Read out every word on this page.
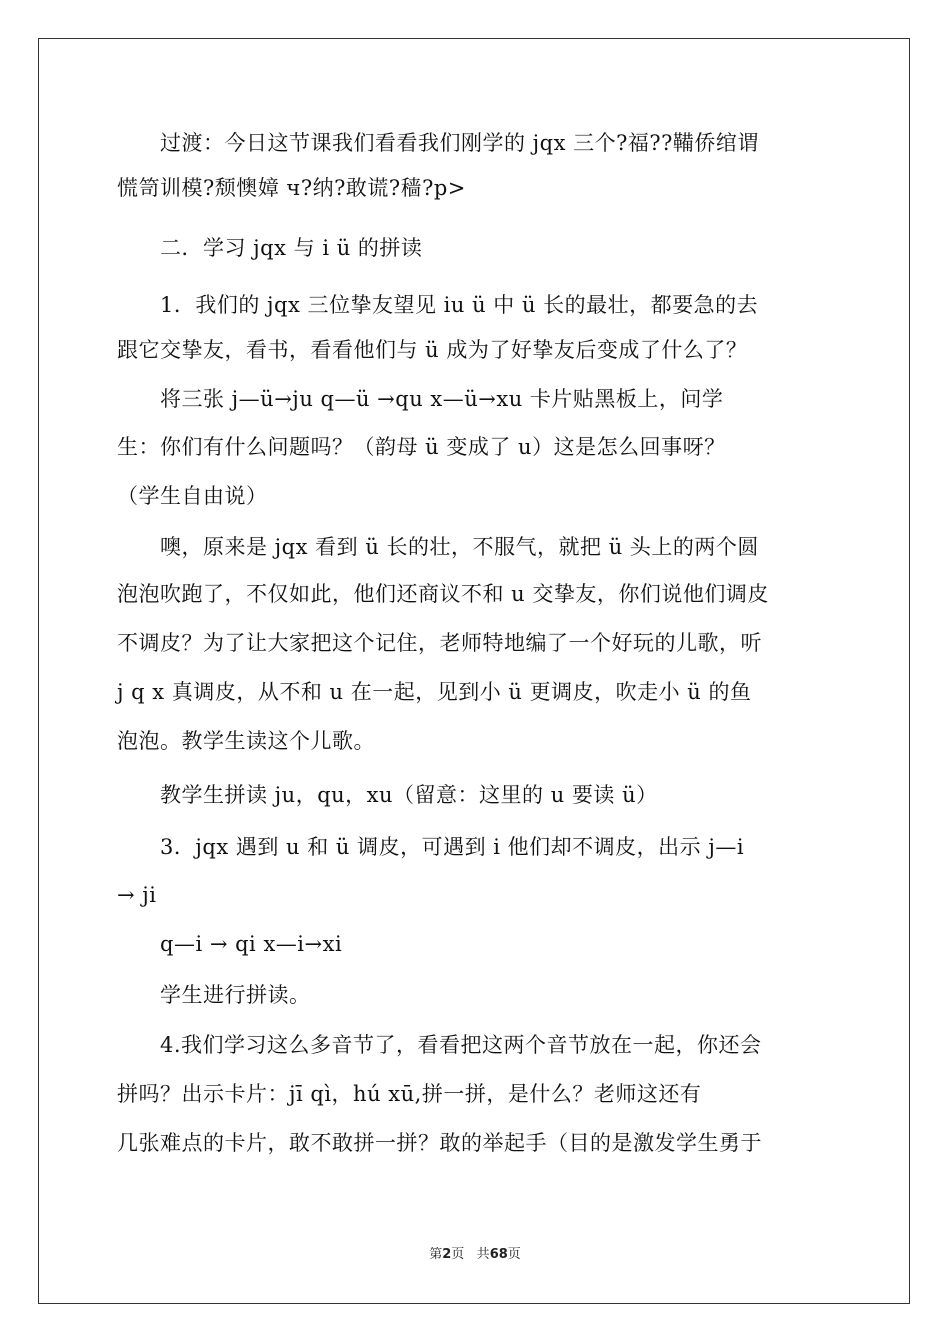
　　过渡：今日这节课我们看看我们刚学的 jqx 三个?福??鞴侨绾谓
慌笥训模?颓懊嫜 ч?纳?敢谎?穑?p>
　　二．学习 jqx 与 i ü 的拼读
　　1．我们的 jqx 三位挚友望见 iu ü 中 ü 长的最壮，都要急的去
跟它交挚友，看书，看看他们与 ü 成为了好挚友后变成了什么了？
　　将三张 j—ü→ju q—ü →qu x—ü→xu 卡片贴黑板上，问学
生：你们有什么问题吗？（韵母 ü 变成了 u）这是怎么回事呀？
（学生自由说）
　　噢，原来是 jqx 看到 ü 长的壮，不服气，就把 ü 头上的两个圆
泡泡吹跑了，不仅如此，他们还商议不和 u 交挚友，你们说他们调皮
不调皮？为了让大家把这个记住，老师特地编了一个好玩的儿歌，听
j q x 真调皮，从不和 u 在一起，见到小 ü 更调皮，吹走小 ü 的鱼
泡泡。教学生读这个儿歌。
　　教学生拼读 ju，qu，xu（留意：这里的 u 要读 ü）
　　3．jqx 遇到 u 和 ü 调皮，可遇到 i 他们却不调皮，出示 j—i
→ ji
　　q—i → qi x—i→xi
　　学生进行拼读。
　　4.我们学习这么多音节了，看看把这两个音节放在一起，你还会
拼吗？出示卡片：jī qì，hú xū,拼一拼，是什么？老师这还有
几张难点的卡片，敢不敢拼一拼？敢的举起手（目的是激发学生勇于
第2页 共68页
